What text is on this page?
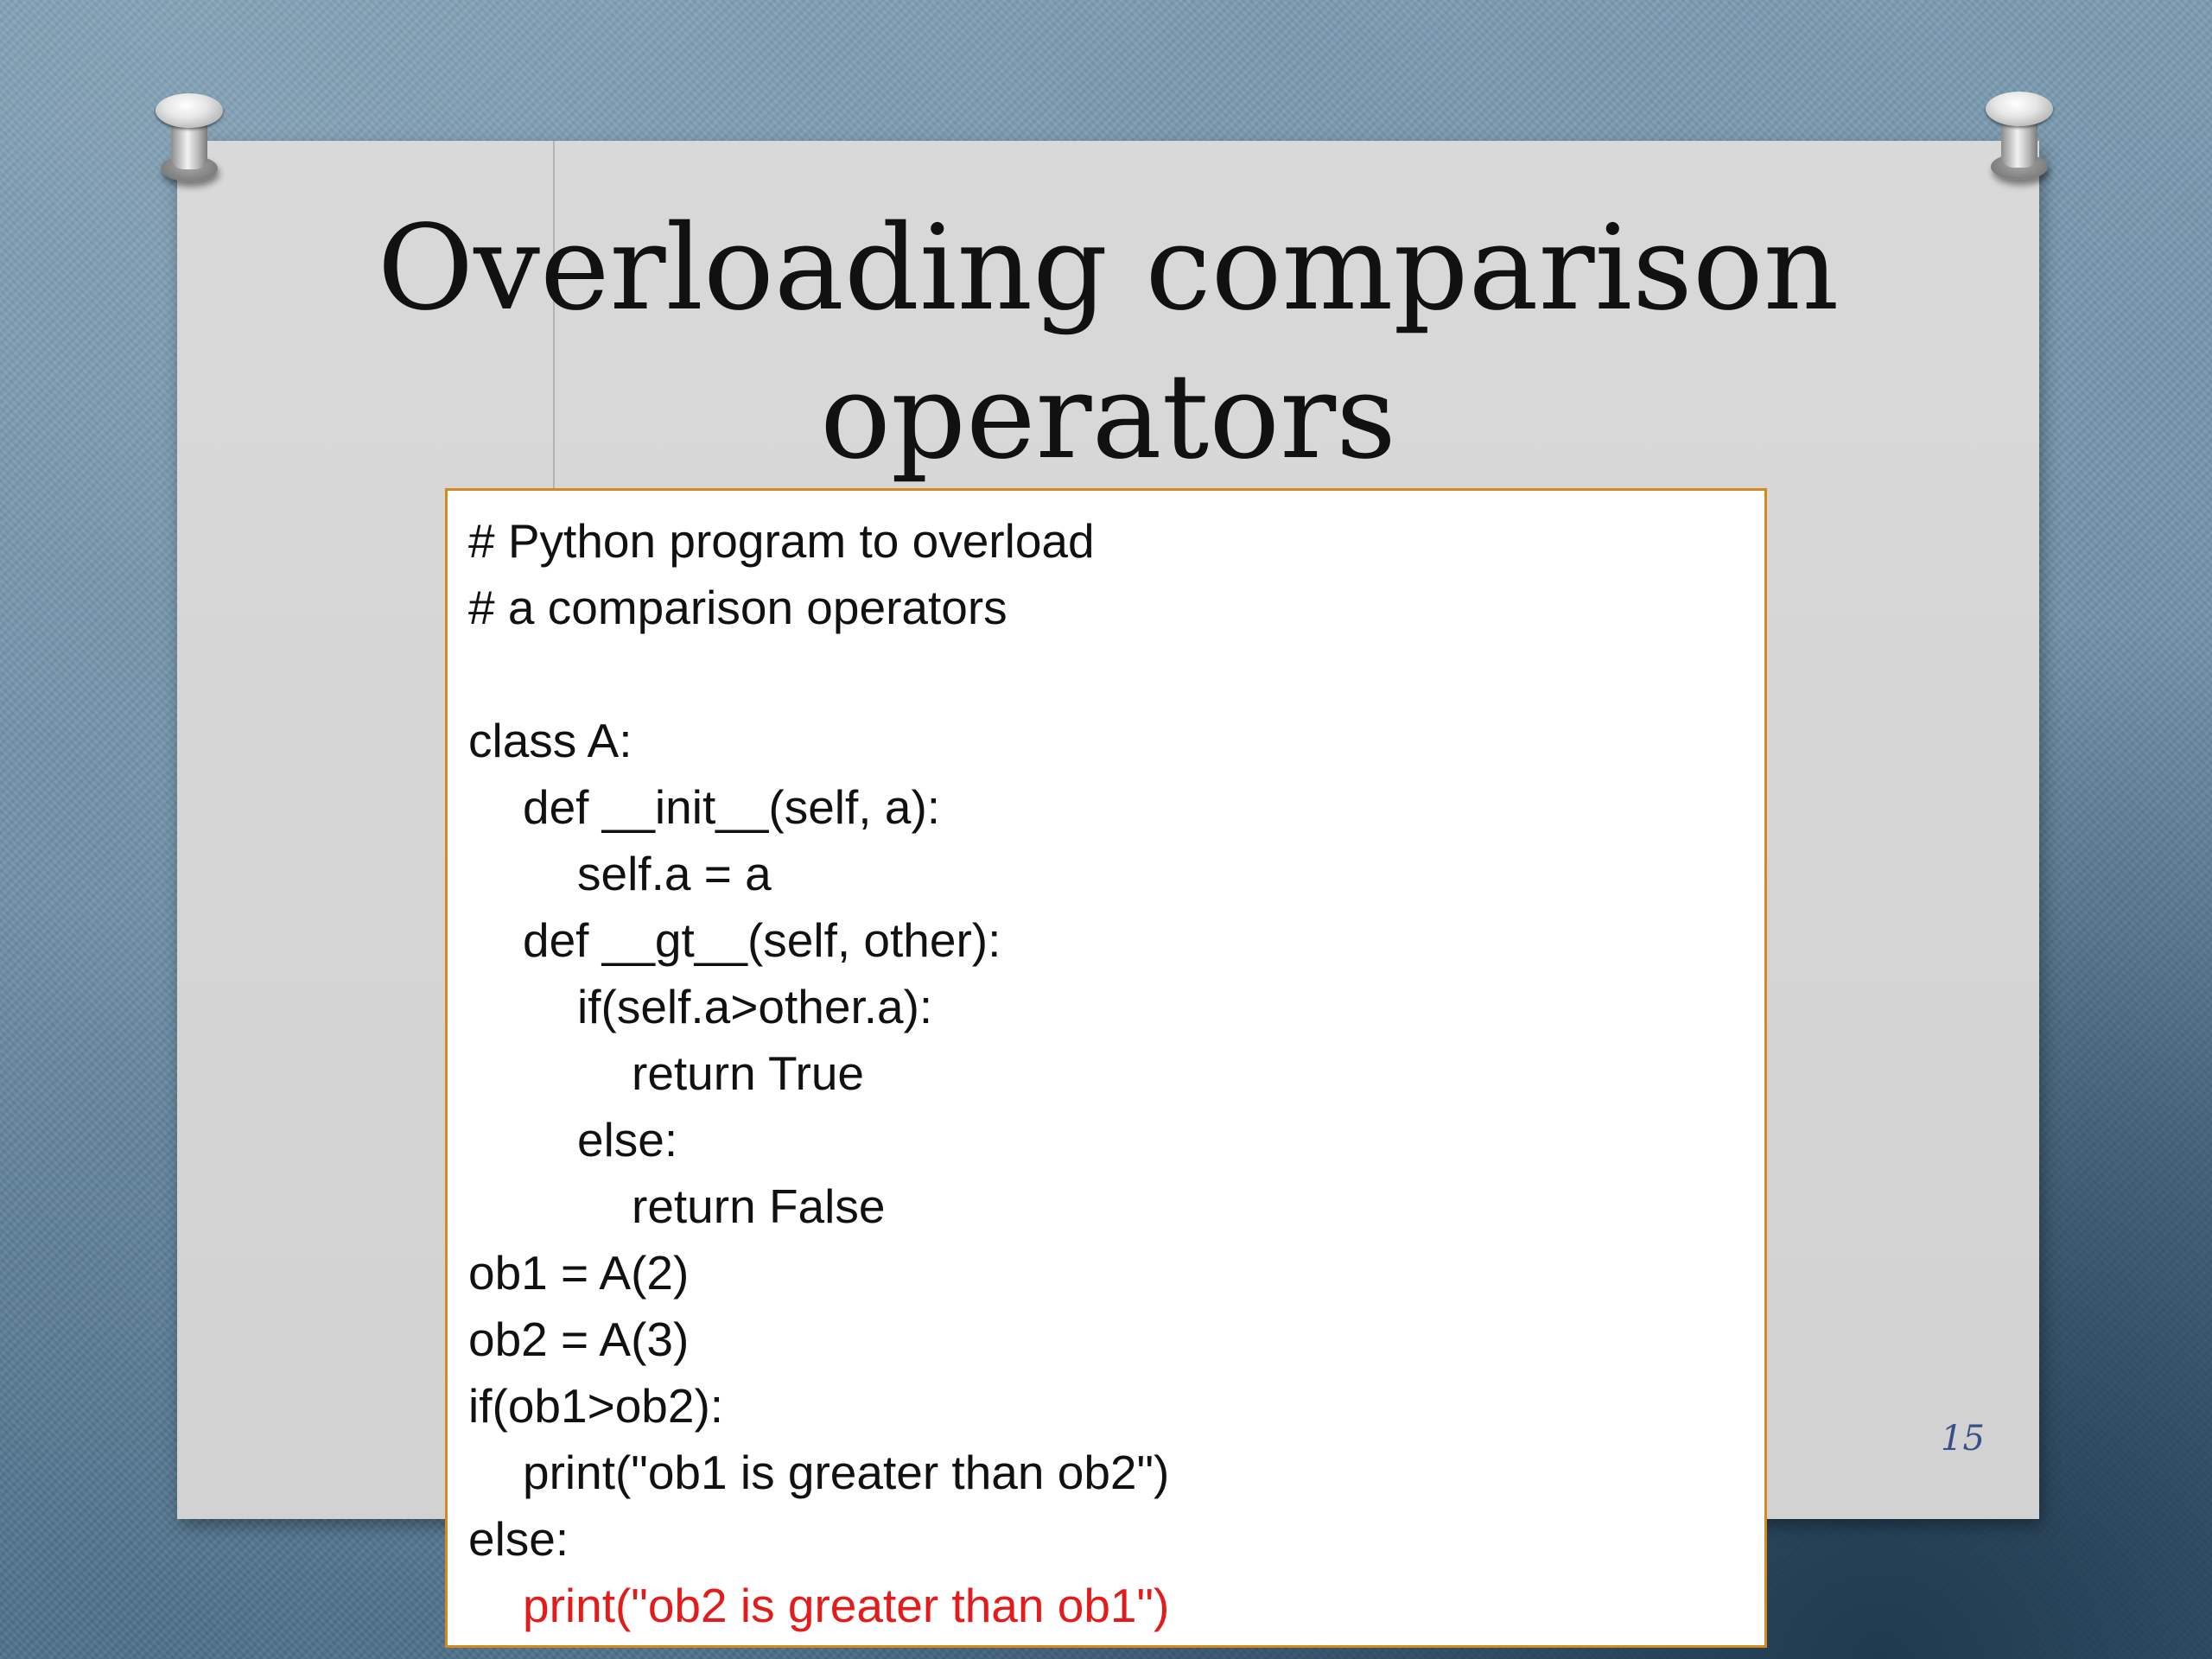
Overloading comparison operators
# Python program to overload
# a comparison operators
class A:
def __init__(self, a):
self.a = a
def __gt__(self, other):
if(self.a>other.a):
return True
else:
return False
ob1 = A(2)
ob2 = A(3)
if(ob1>ob2):
print("ob1 is greater than ob2")
else:
print("ob2 is greater than ob1")
15
